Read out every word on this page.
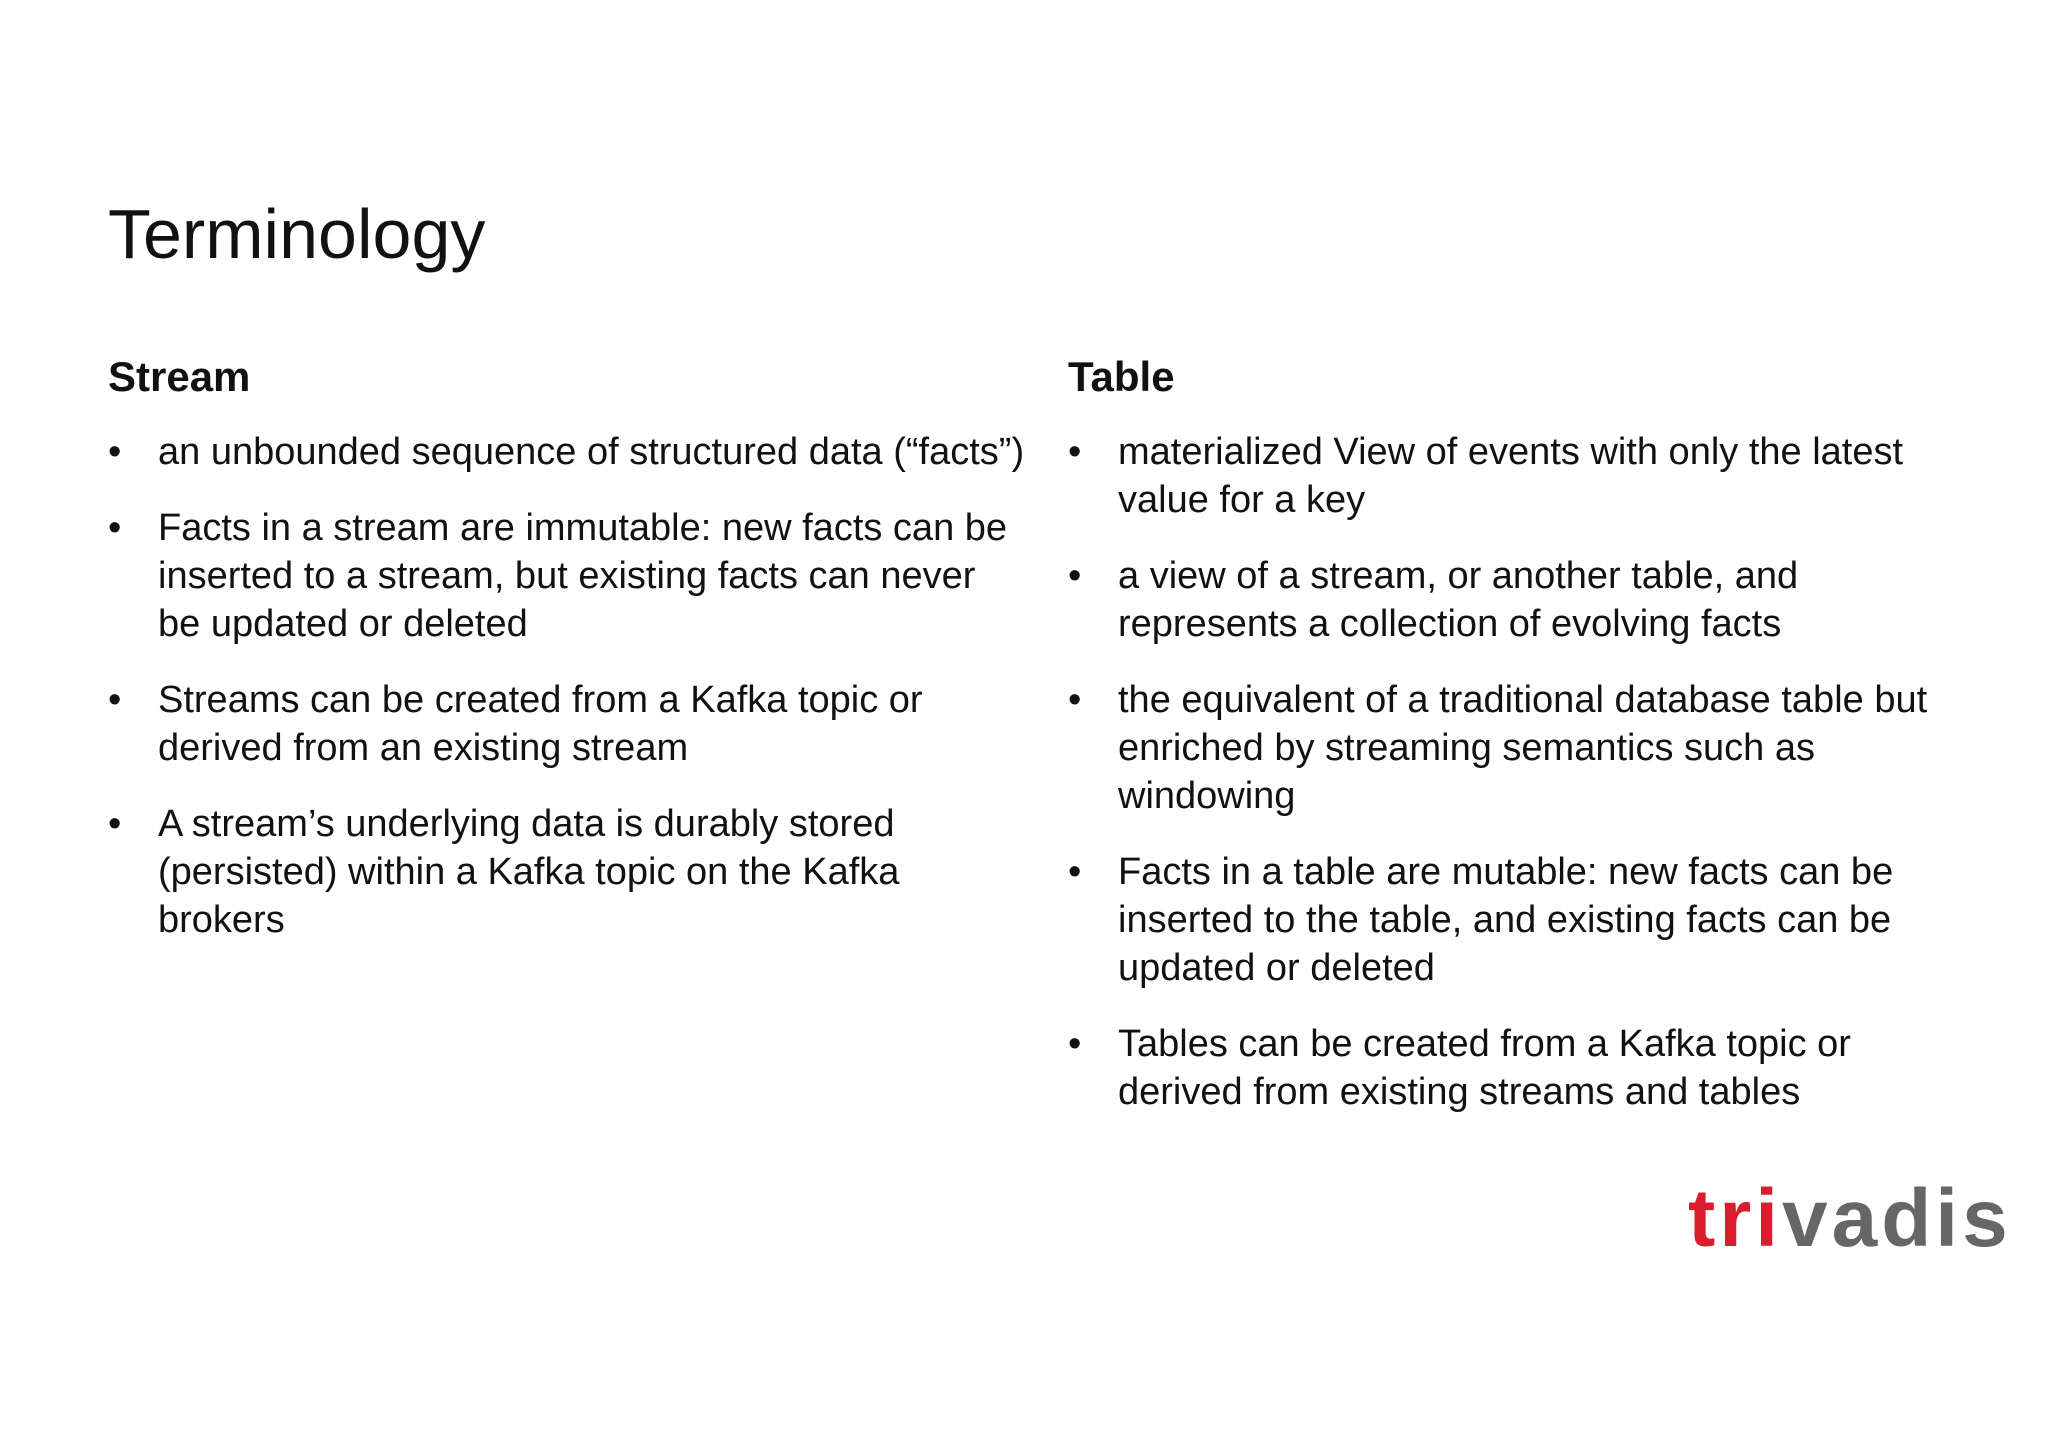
Terminology
Stream
• an unbounded sequence of structured data (“facts”)
• Facts in a stream are immutable: new facts can be inserted to a stream, but existing facts can never be updated or deleted
• Streams can be created from a Kafka topic or derived from an existing stream
• A stream’s underlying data is durably stored (persisted) within a Kafka topic on the Kafka brokers
Table
• materialized View of events with only the latest value for a key
• a view of a stream, or another table, and represents a collection of evolving facts
• the equivalent of a traditional database table but enriched by streaming semantics such as windowing
• Facts in a table are mutable: new facts can be inserted to the table, and existing facts can be updated or deleted
• Tables can be created from a Kafka topic or derived from existing streams and tables
trivadis
